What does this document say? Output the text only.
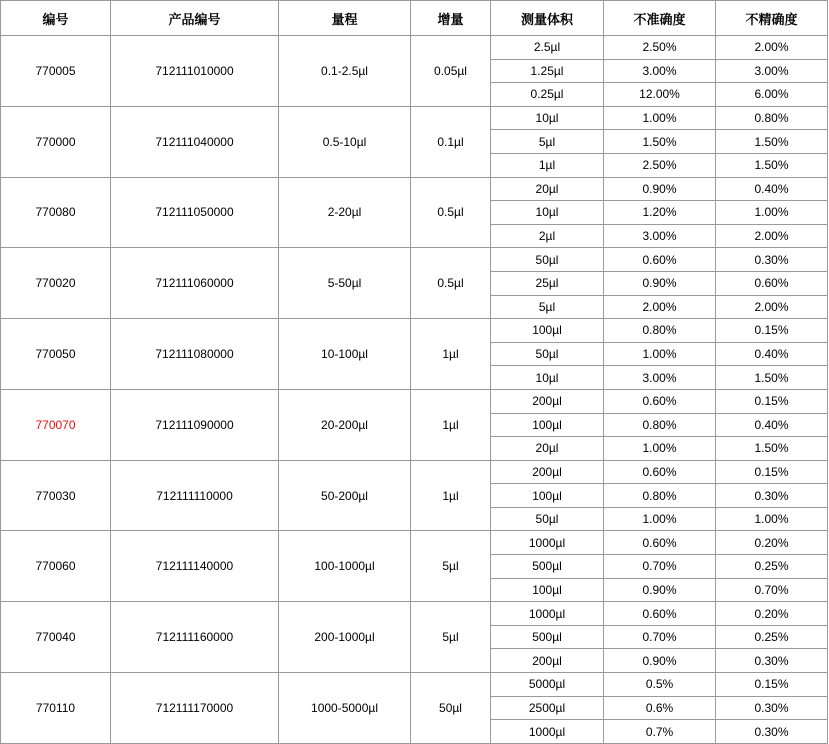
编号	产品编号	量程	增量	测量体积	不准确度	不精确度
770005	712111010000	0.1-2.5µl	0.05µl	2.5µl	2.50%	2.00%
				1.25µl	3.00%	3.00%
				0.25µl	12.00%	6.00%
770000	712111040000	0.5-10µl	0.1µl	10µl	1.00%	0.80%
				5µl	1.50%	1.50%
				1µl	2.50%	1.50%
770080	712111050000	2-20µl	0.5µl	20µl	0.90%	0.40%
				10µl	1.20%	1.00%
				2µl	3.00%	2.00%
770020	712111060000	5-50µl	0.5µl	50µl	0.60%	0.30%
				25µl	0.90%	0.60%
				5µl	2.00%	2.00%
770050	712111080000	10-100µl	1µl	100µl	0.80%	0.15%
				50µl	1.00%	0.40%
				10µl	3.00%	1.50%
770070	712111090000	20-200µl	1µl	200µl	0.60%	0.15%
				100µl	0.80%	0.40%
				20µl	1.00%	1.50%
770030	712111110000	50-200µl	1µl	200µl	0.60%	0.15%
				100µl	0.80%	0.30%
				50µl	1.00%	1.00%
770060	712111140000	100-1000µl	5µl	1000µl	0.60%	0.20%
				500µl	0.70%	0.25%
				100µl	0.90%	0.70%
770040	712111160000	200-1000µl	5µl	1000µl	0.60%	0.20%
				500µl	0.70%	0.25%
				200µl	0.90%	0.30%
770110	712111170000	1000-5000µl	50µl	5000µl	0.5%	0.15%
				2500µl	0.6%	0.30%
				1000µl	0.7%	0.30%
